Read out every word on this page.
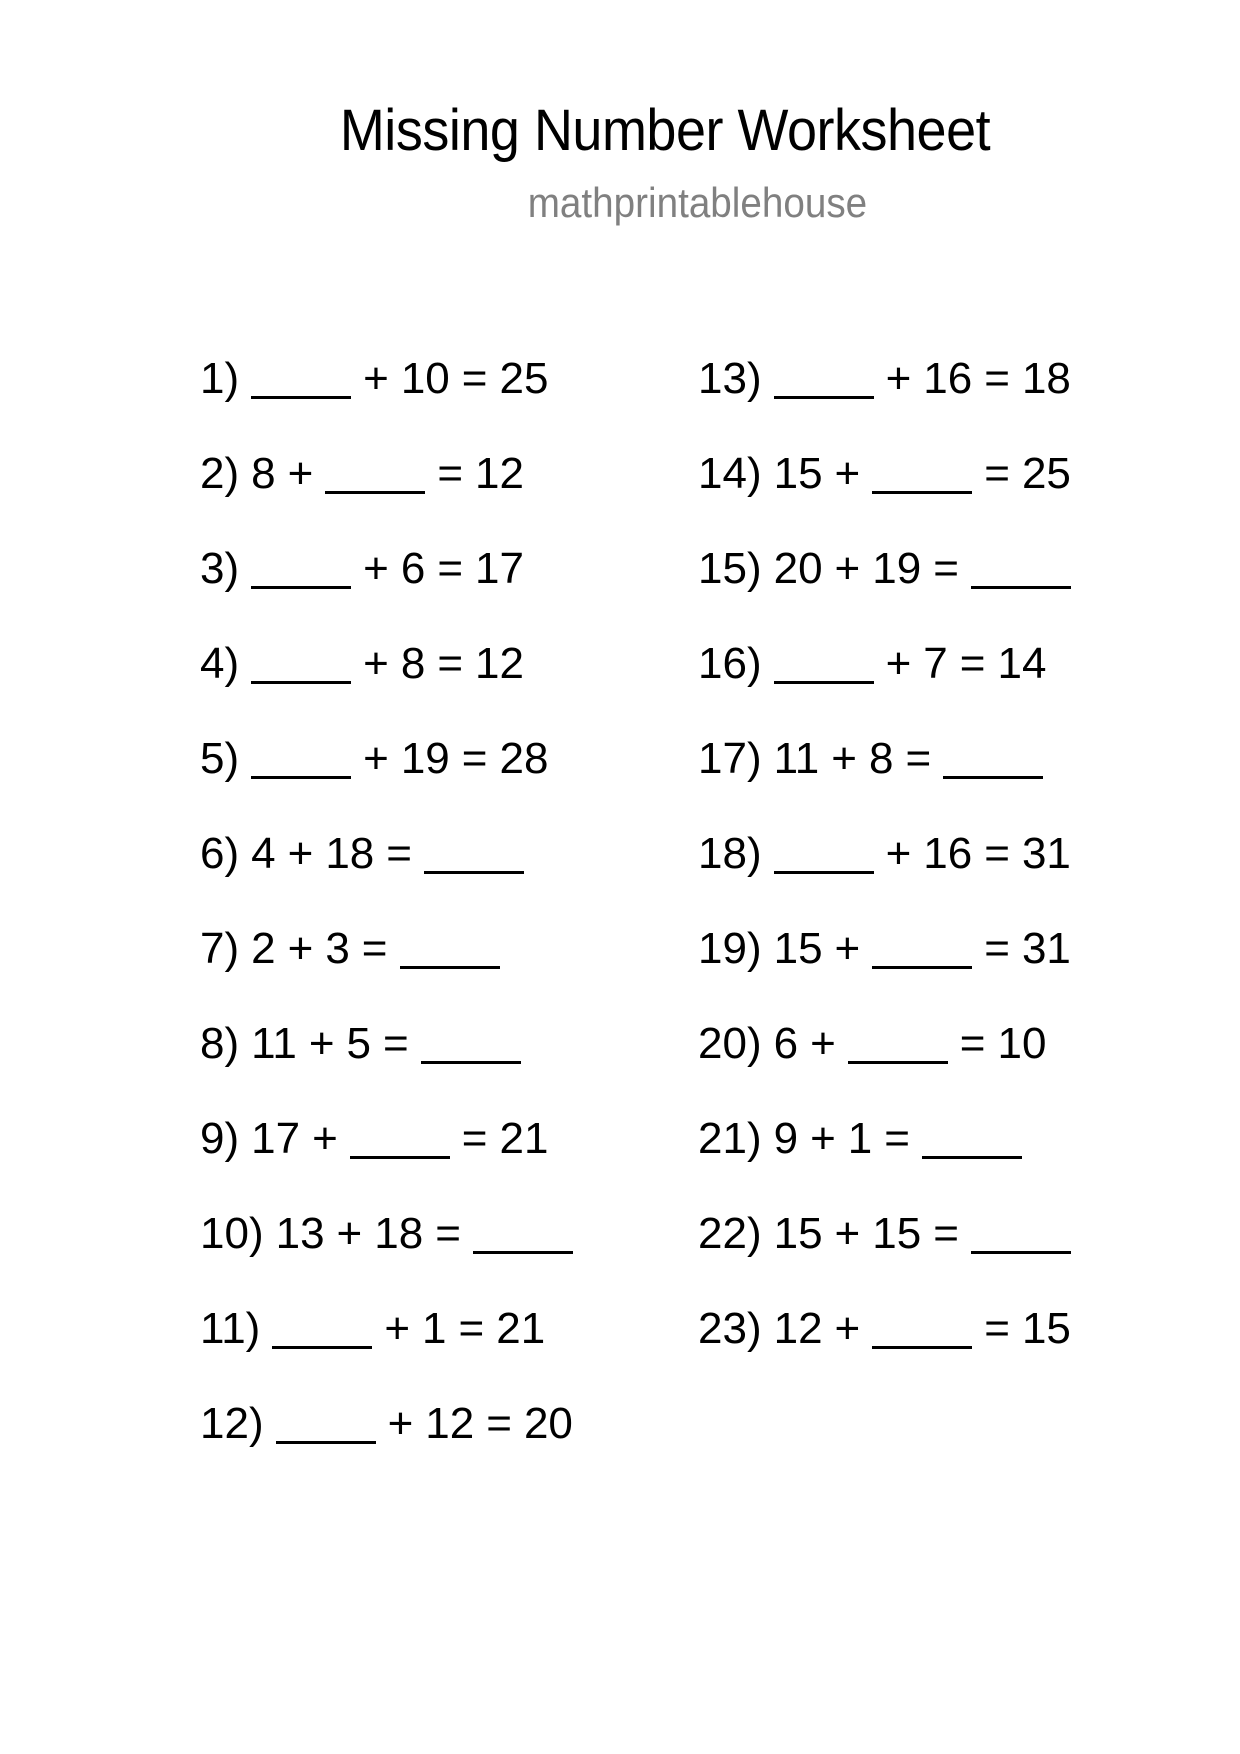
Missing Number Worksheet
mathprintablehouse
1)	+ 10 = 25
2) 8 +	= 12
3)	+ 6 = 17
4)	+ 8 = 12
5)	+ 19 = 28
6) 4 + 18 =
7) 2 + 3 =
8) 11 + 5 =
9) 17 +	= 21
10) 13 + 18 =
11)	+ 1 = 21
12)	+ 12 = 20
13)	+ 16 = 18
14) 15 +	= 25
15) 20 + 19 =
16)	+ 7 = 14
17) 11 + 8 =
18)	+ 16 = 31
19) 15 +	= 31
20) 6 +	= 10
21) 9 + 1 =
22) 15 + 15 =
23) 12 +	= 15
